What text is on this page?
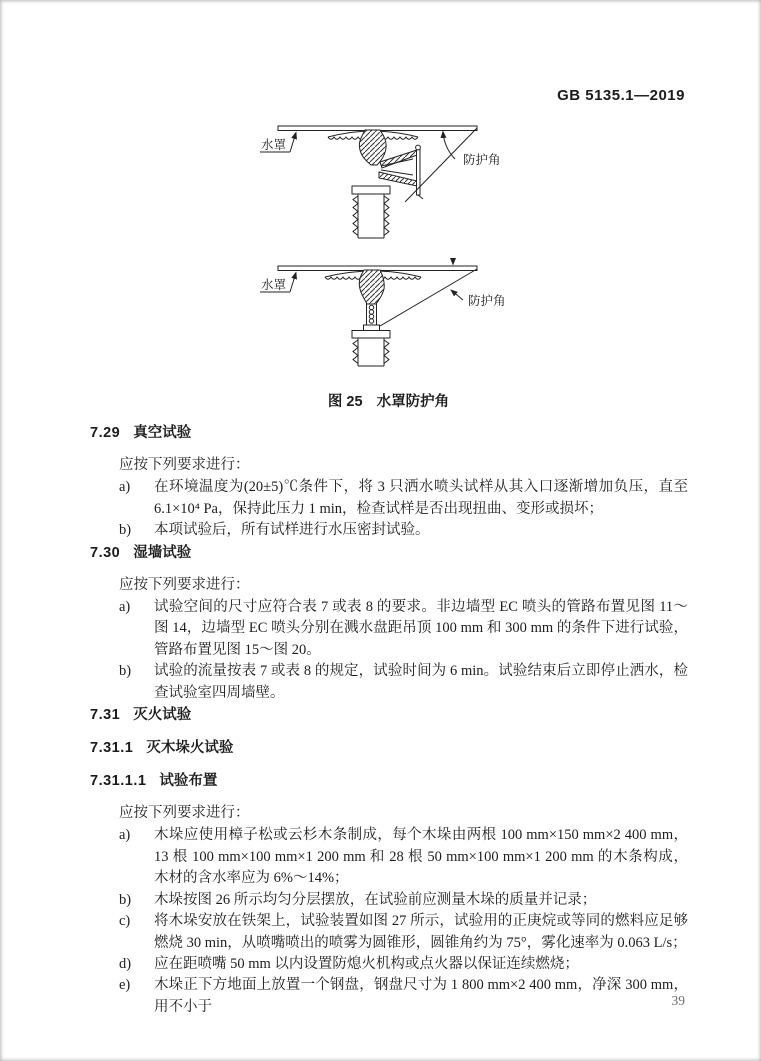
GB 5135.1—2019
防护角
水罩
防护角
水罩
图 25 水罩防护角
7.29 真空试验

应按下列要求进行：

a)	在环境温度为(20±5)℃条件下，将 3 只洒水喷头试样从其入口逐渐增加负压，直至 6.1×10⁴ Pa，保持此压力 1 min，检查试样是否出现扭曲、变形或损坏；
b)	本项试验后，所有试样进行水压密封试验。
7.30 湿墙试验

应按下列要求进行：

a)	试验空间的尺寸应符合表 7 或表 8 的要求。非边墙型 EC 喷头的管路布置见图 11～图 14，边墙型 EC 喷头分别在溅水盘距吊顶 100 mm 和 300 mm 的条件下进行试验，管路布置见图 15～图 20。
b)	试验的流量按表 7 或表 8 的规定，试验时间为 6 min。试验结束后立即停止洒水，检查试验室四周墙壁。
7.31 灭火试验
7.31.1 灭木垛火试验
7.31.1.1 试验布置

应按下列要求进行：

a)	木垛应使用樟子松或云杉木条制成，每个木垛由两根 100 mm×150 mm×2 400 mm，13 根 100 mm×100 mm×1 200 mm 和 28 根 50 mm×100 mm×1 200 mm 的木条构成，木材的含水率应为 6%～14%；
b)	木垛按图 26 所示均匀分层摆放，在试验前应测量木垛的质量并记录；
c)	将木垛安放在铁架上，试验装置如图 27 所示，试验用的正庚烷或等同的燃料应足够燃烧 30 min，从喷嘴喷出的喷雾为圆锥形，圆锥角约为 75°，雾化速率为 0.063 L/s；
d)	应在距喷嘴 50 mm 以内设置防熄火机构或点火器以保证连续燃烧；
e)	木垛正下方地面上放置一个钢盘，钢盘尺寸为 1 800 mm×2 400 mm，净深 300 mm，用不小于	39
